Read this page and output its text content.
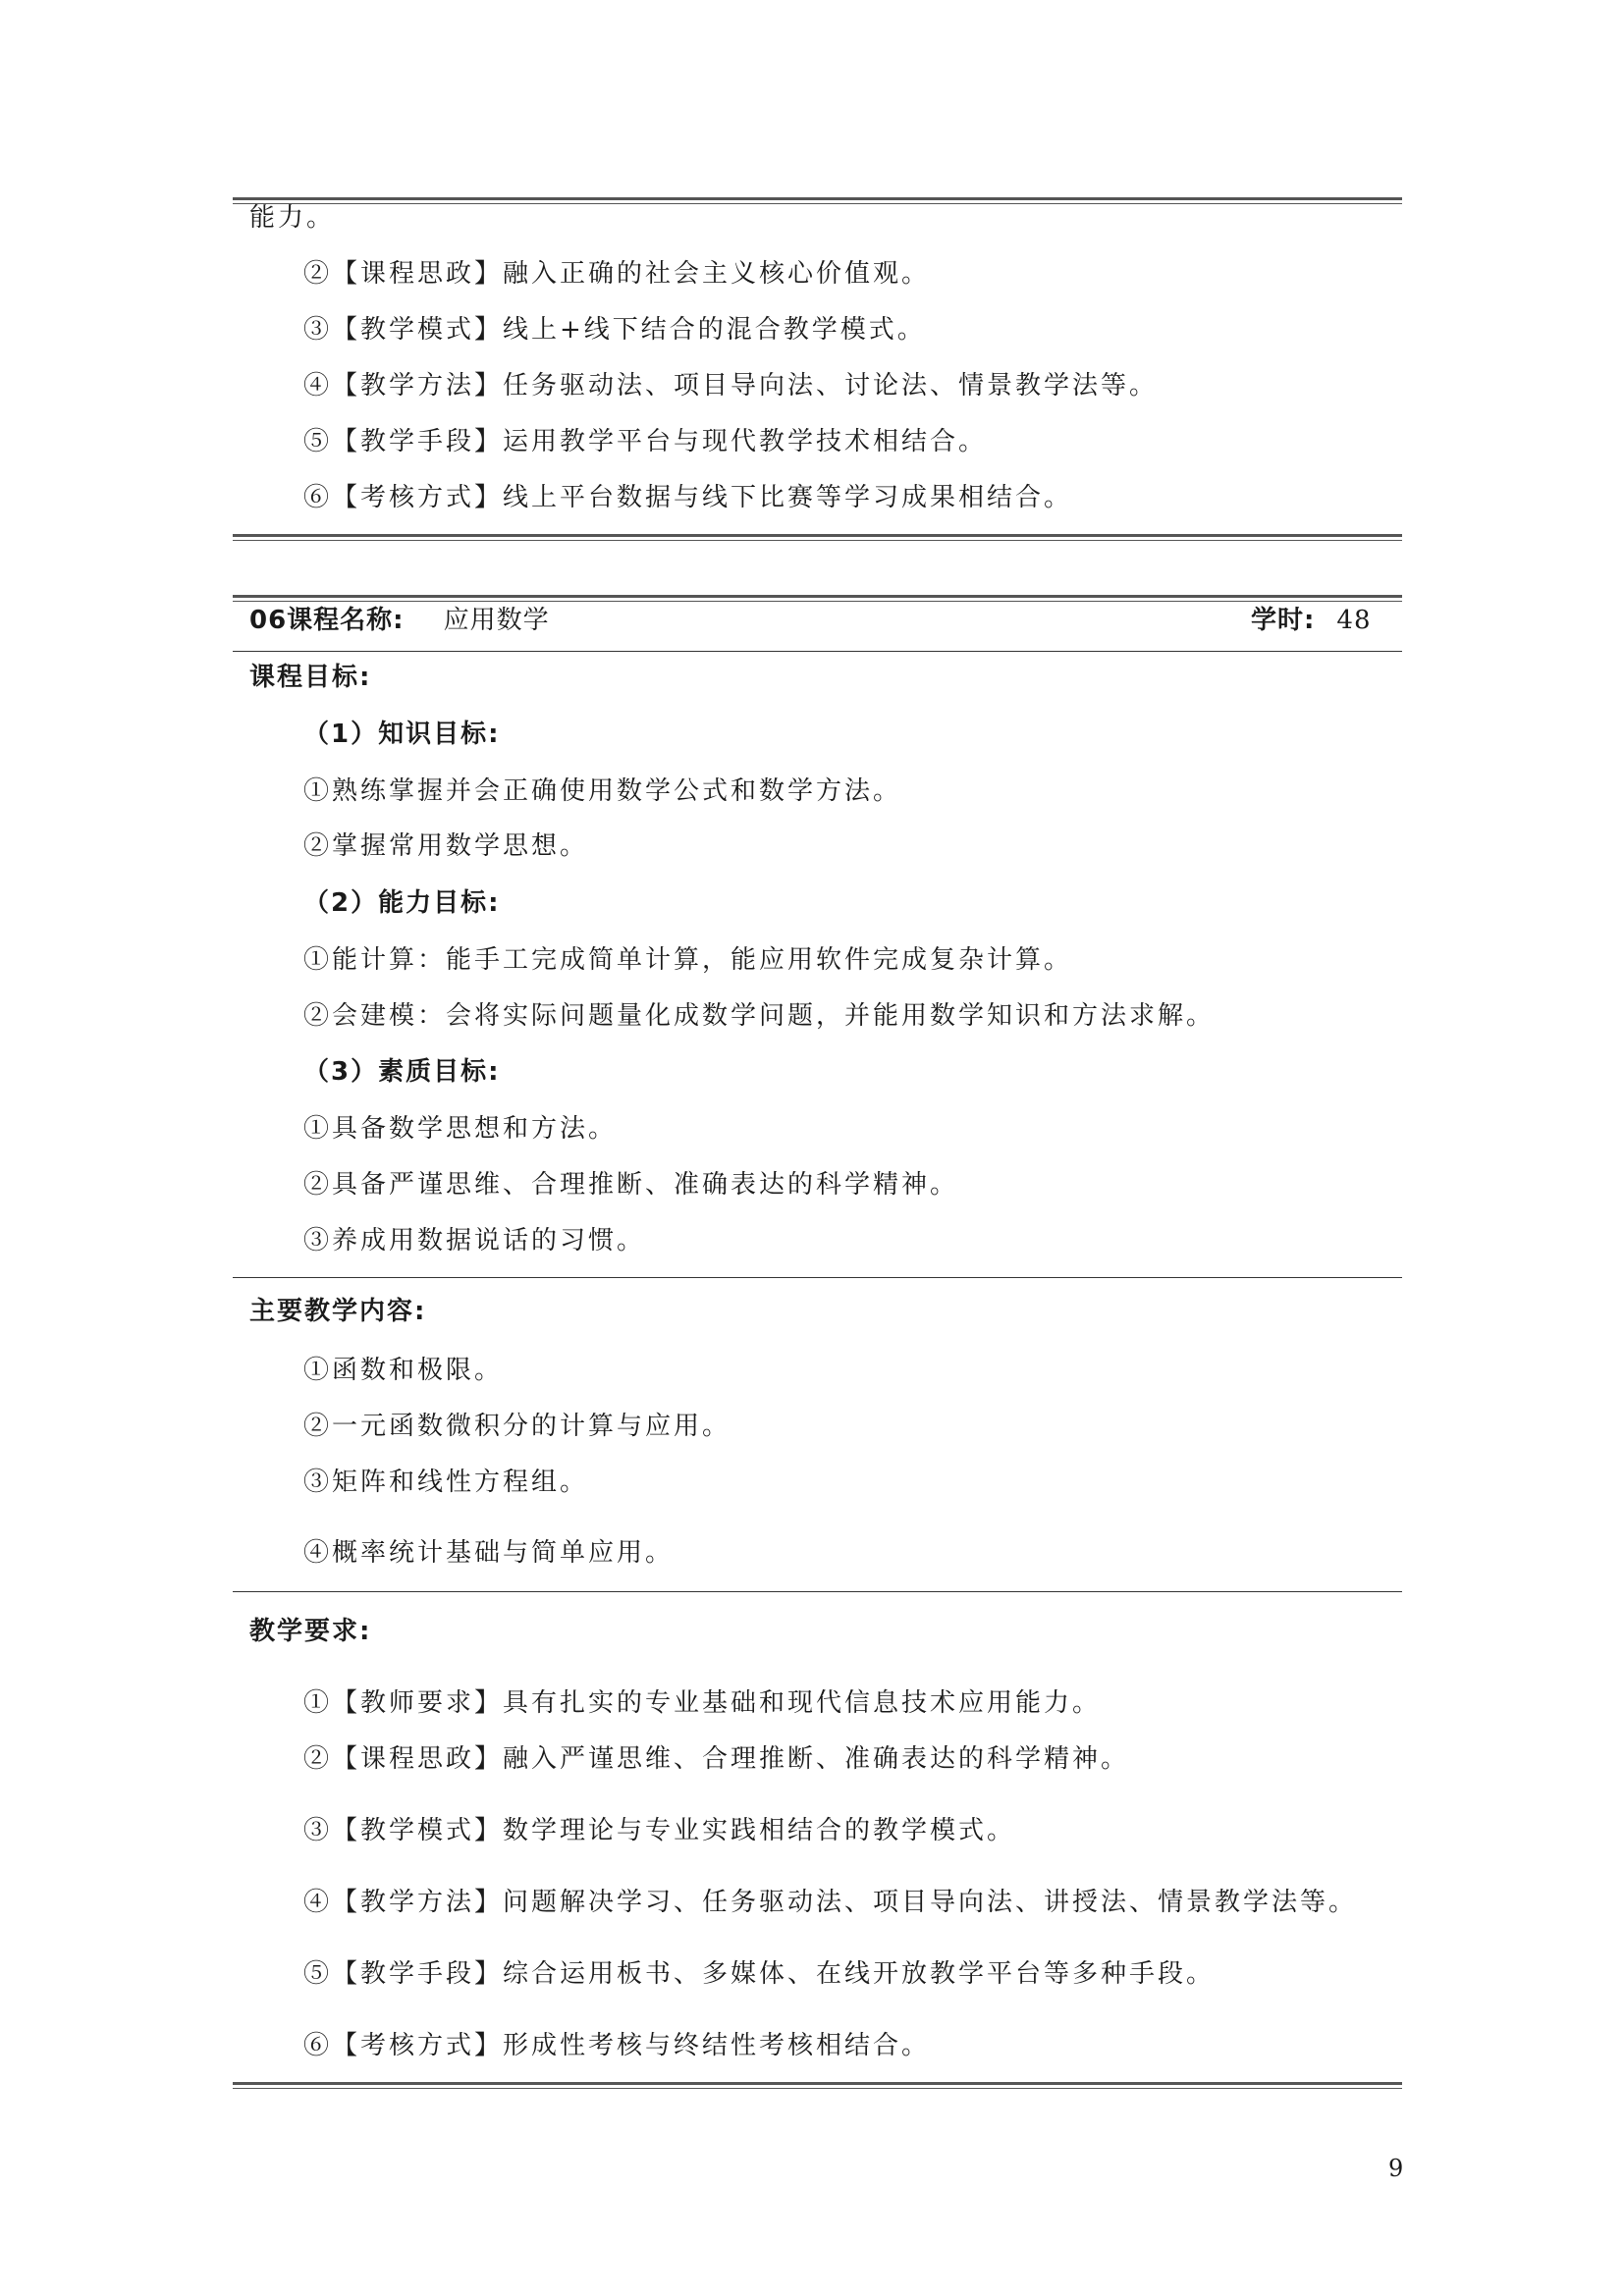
能力。
②【课程思政】融入正确的社会主义核心价值观。
③【教学模式】线上+线下结合的混合教学模式。
④【教学方法】任务驱动法、项目导向法、讨论法、情景教学法等。
⑤【教学手段】运用教学平台与现代教学技术相结合。
⑥【考核方式】线上平台数据与线下比赛等学习成果相结合。
06课程名称: 应用数学	学时: 48
课程目标:
（1）知识目标:
①熟练掌握并会正确使用数学公式和数学方法。
②掌握常用数学思想。
（2）能力目标:
①能计算：能手工完成简单计算，能应用软件完成复杂计算。
②会建模：会将实际问题量化成数学问题，并能用数学知识和方法求解。
（3）素质目标:
①具备数学思想和方法。
②具备严谨思维、合理推断、准确表达的科学精神。
③养成用数据说话的习惯。
主要教学内容:
①函数和极限。
②一元函数微积分的计算与应用。
③矩阵和线性方程组。
④概率统计基础与简单应用。
教学要求:
①【教师要求】具有扎实的专业基础和现代信息技术应用能力。
②【课程思政】融入严谨思维、合理推断、准确表达的科学精神。
③【教学模式】数学理论与专业实践相结合的教学模式。
④【教学方法】问题解决学习、任务驱动法、项目导向法、讲授法、情景教学法等。
⑤【教学手段】综合运用板书、多媒体、在线开放教学平台等多种手段。
⑥【考核方式】形成性考核与终结性考核相结合。
9
